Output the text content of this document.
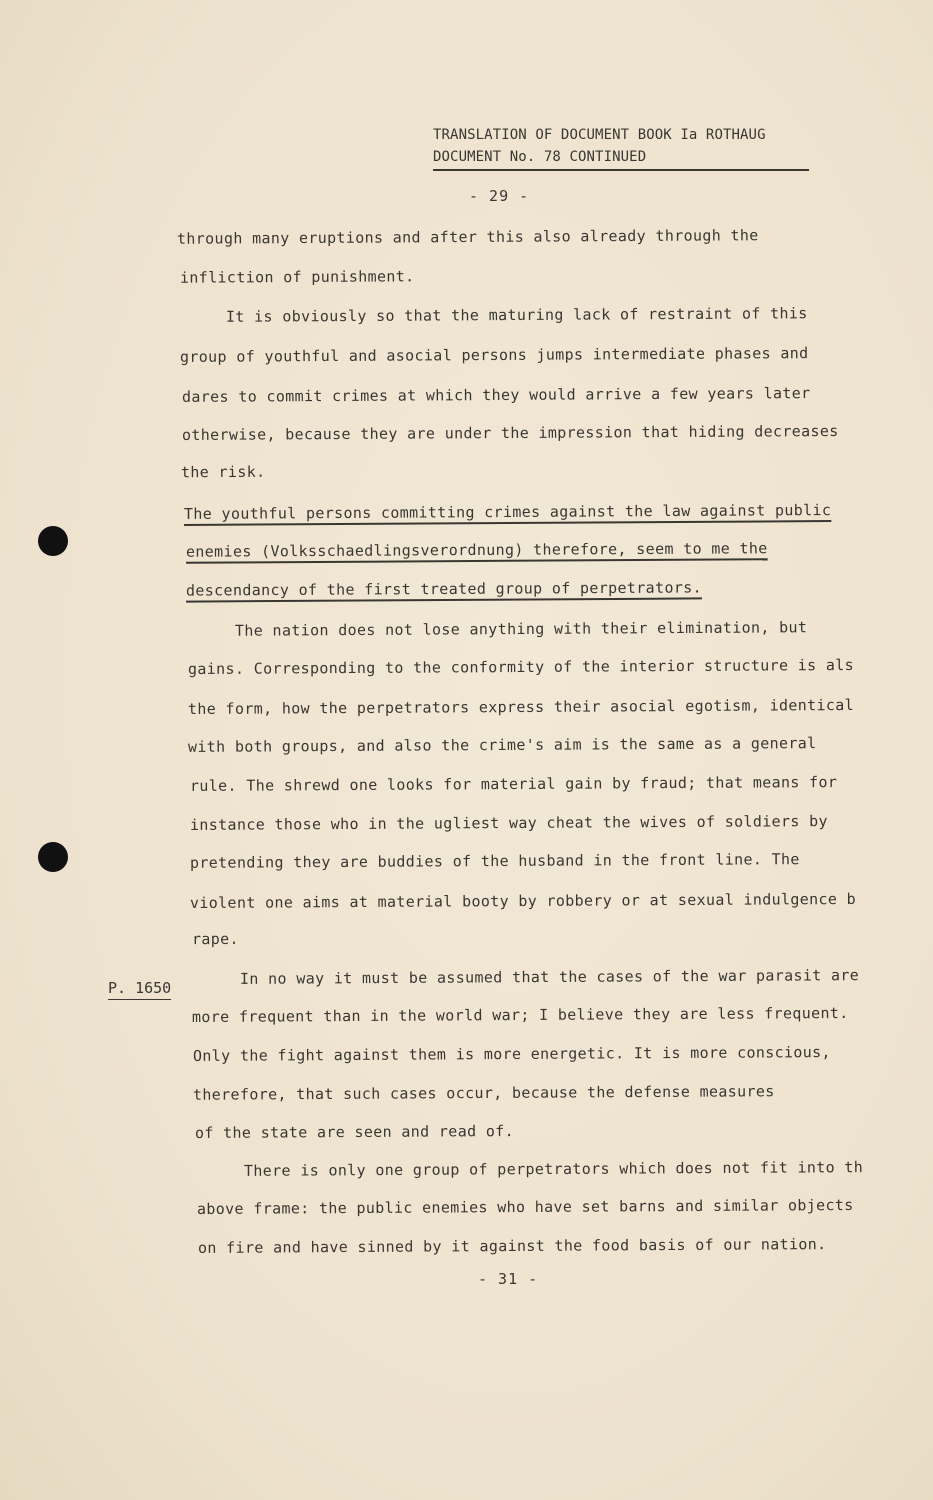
TRANSLATION OF DOCUMENT BOOK Ia ROTHAUG
DOCUMENT No. 78 CONTINUED
- 29 -
P. 1650
through many eruptions and after this also already through the
infliction of punishment.
It is obviously so that the maturing lack of restraint of this
group of youthful and asocial persons jumps intermediate phases and
dares to commit crimes at which they would arrive a few years later
otherwise, because they are under the impression that hiding decreases
the risk.
The youthful persons committing crimes against the law against public
enemies (Volksschaedlingsverordnung) therefore, seem to me the
descendancy of the first treated group of perpetrators.
The nation does not lose anything with their elimination, but
gains. Corresponding to the conformity of the interior structure is als
the form, how the perpetrators express their asocial egotism, identical
with both groups, and also the crime's aim is the same as a general
rule. The shrewd one looks for material gain by fraud; that means for
instance those who in the ugliest way cheat the wives of soldiers by
pretending they are buddies of the husband in the front line. The
violent one aims at material booty by robbery or at sexual indulgence b
rape.
In no way it must be assumed that the cases of the war parasit are
more frequent than in the world war; I believe they are less frequent.
Only the fight against them is more energetic. It is more conscious,
therefore, that such cases occur, because the defense measures
of the state are seen and read of.
There is only one group of perpetrators which does not fit into th
above frame: the public enemies who have set barns and similar objects
on fire and have sinned by it against the food basis of our nation.
- 31 -
